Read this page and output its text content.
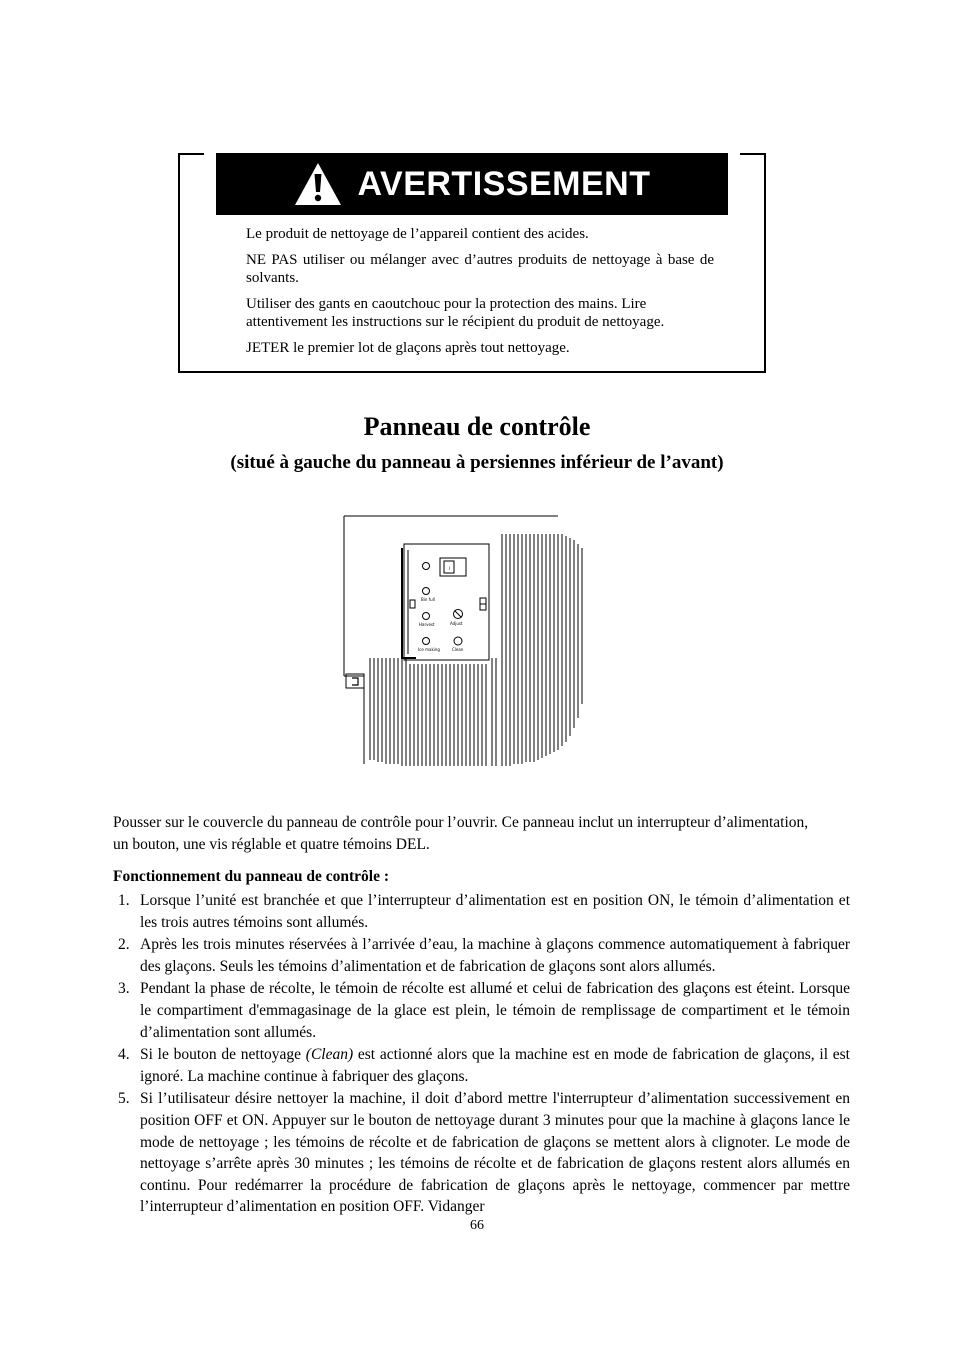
AVERTISSEMENT

Le produit de nettoyage de l’appareil contient des acides.

NE PAS utiliser ou mélanger avec d’autres produits de nettoyage à base de solvants.

Utiliser des gants en caoutchouc pour la protection des mains. Lire attentivement les instructions sur le récipient du produit de nettoyage.

JETER le premier lot de glaçons après tout nettoyage.

Panneau de contrôle
(situé à gauche du panneau à persiennes inférieur de l’avant)
I
Bin full
Harvest
Ice making
Adjust
Clean
Pousser sur le couvercle du panneau de contrôle pour l’ouvrir. Ce panneau inclut un interrupteur d’alimentation, un bouton, une vis réglable et quatre témoins DEL.
Fonctionnement du panneau de contrôle :
1. Lorsque l’unité est branchée et que l’interrupteur d’alimentation est en position ON, le témoin d’alimentation et les trois autres témoins sont allumés.
2. Après les trois minutes réservées à l’arrivée d’eau, la machine à glaçons commence automatiquement à fabriquer des glaçons. Seuls les témoins d’alimentation et de fabrication de glaçons sont alors allumés.
3. Pendant la phase de récolte, le témoin de récolte est allumé et celui de fabrication des glaçons est éteint. Lorsque le compartiment d'emmagasinage de la glace est plein, le témoin de remplissage de compartiment et le témoin d’alimentation sont allumés.
4. Si le bouton de nettoyage (Clean) est actionné alors que la machine est en mode de fabrication de glaçons, il est ignoré. La machine continue à fabriquer des glaçons.
5. Si l’utilisateur désire nettoyer la machine, il doit d’abord mettre l'interrupteur d’alimentation successivement en position OFF et ON. Appuyer sur le bouton de nettoyage durant 3 minutes pour que la machine à glaçons lance le mode de nettoyage ; les témoins de récolte et de fabrication de glaçons se mettent alors à clignoter. Le mode de nettoyage s’arrête après 30 minutes ; les témoins de récolte et de fabrication de glaçons restent alors allumés en continu. Pour redémarrer la procédure de fabrication de glaçons après le nettoyage, commencer par mettre l’interrupteur d’alimentation en position OFF. Vidanger
66
